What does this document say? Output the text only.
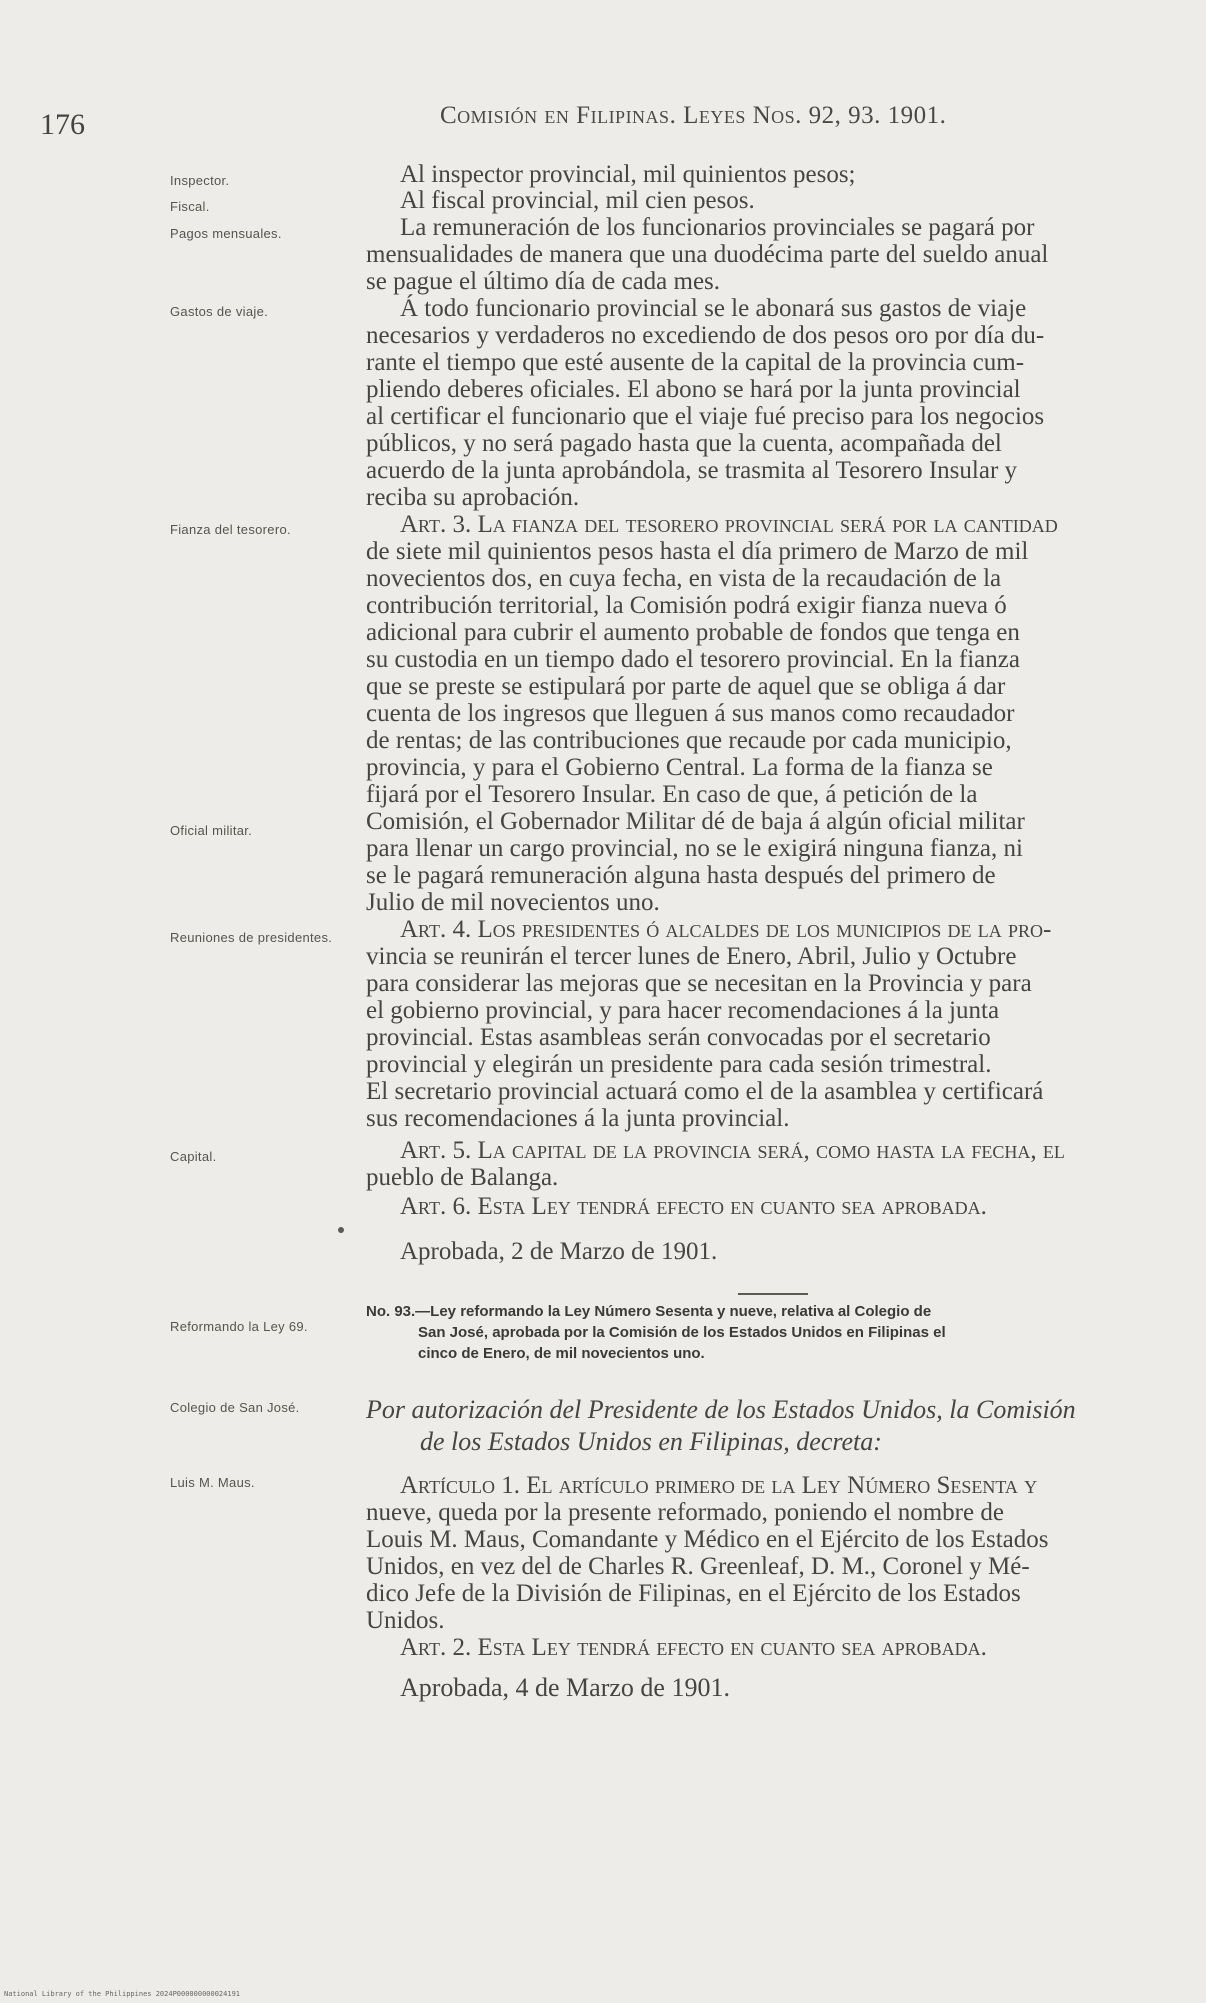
176	Comisión en Filipinas. Leyes Nos. 92, 93. 1901.
Inspector.
Fiscal.
Pagos mensuales.
Gastos de viaje.
Fianza del tesorero.
Oficial militar.
Reuniones de presidentes.
Capital.
Reformando la Ley 69.
Colegio de San José.
Luis M. Maus.
Al inspector provincial, mil quinientos pesos;
Al fiscal provincial, mil cien pesos.
La remuneración de los funcionarios provinciales se pagará por
mensualidades de manera que una duodécima parte del sueldo anual
se pague el último día de cada mes.
Á todo funcionario provincial se le abonará sus gastos de viaje
necesarios y verdaderos no excediendo de dos pesos oro por día du-
rante el tiempo que esté ausente de la capital de la provincia cum-
pliendo deberes oficiales. El abono se hará por la junta provincial
al certificar el funcionario que el viaje fué preciso para los negocios
públicos, y no será pagado hasta que la cuenta, acompañada del
acuerdo de la junta aprobándola, se trasmita al Tesorero Insular y
reciba su aprobación.
Art. 3. La fianza del tesorero provincial será por la cantidad
de siete mil quinientos pesos hasta el día primero de Marzo de mil
novecientos dos, en cuya fecha, en vista de la recaudación de la
contribución territorial, la Comisión podrá exigir fianza nueva ó
adicional para cubrir el aumento probable de fondos que tenga en
su custodia en un tiempo dado el tesorero provincial. En la fianza
que se preste se estipulará por parte de aquel que se obliga á dar
cuenta de los ingresos que lleguen á sus manos como recaudador
de rentas; de las contribuciones que recaude por cada municipio,
provincia, y para el Gobierno Central. La forma de la fianza se
fijará por el Tesorero Insular. En caso de que, á petición de la
Comisión, el Gobernador Militar dé de baja á algún oficial militar
para llenar un cargo provincial, no se le exigirá ninguna fianza, ni
se le pagará remuneración alguna hasta después del primero de
Julio de mil novecientos uno.
Art. 4. Los presidentes ó alcaldes de los municipios de la pro-
vincia se reunirán el tercer lunes de Enero, Abril, Julio y Octubre
para considerar las mejoras que se necesitan en la Provincia y para
el gobierno provincial, y para hacer recomendaciones á la junta
provincial. Estas asambleas serán convocadas por el secretario
provincial y elegirán un presidente para cada sesión trimestral.
El secretario provincial actuará como el de la asamblea y certificará
sus recomendaciones á la junta provincial.
Art. 5. La capital de la provincia será, como hasta la fecha, el
pueblo de Balanga.
Art. 6. Esta Ley tendrá efecto en cuanto sea aprobada.
Aprobada, 2 de Marzo de 1901.
No. 93.—Ley reformando la Ley Número Sesenta y nueve, relativa al Colegio de
San José, aprobada por la Comisión de los Estados Unidos en Filipinas el
cinco de Enero, de mil novecientos uno.
Por autorización del Presidente de los Estados Unidos, la Comisión
de los Estados Unidos en Filipinas, decreta:
Artículo 1. El artículo primero de la Ley Número Sesenta y
nueve, queda por la presente reformado, poniendo el nombre de
Louis M. Maus, Comandante y Médico en el Ejército de los Estados
Unidos, en vez del de Charles R. Greenleaf, D. M., Coronel y Mé-
dico Jefe de la División de Filipinas, en el Ejército de los Estados
Unidos.
Art. 2. Esta Ley tendrá efecto en cuanto sea aprobada.
Aprobada, 4 de Marzo de 1901.
National Library of the Philippines 2024P000000000024191
